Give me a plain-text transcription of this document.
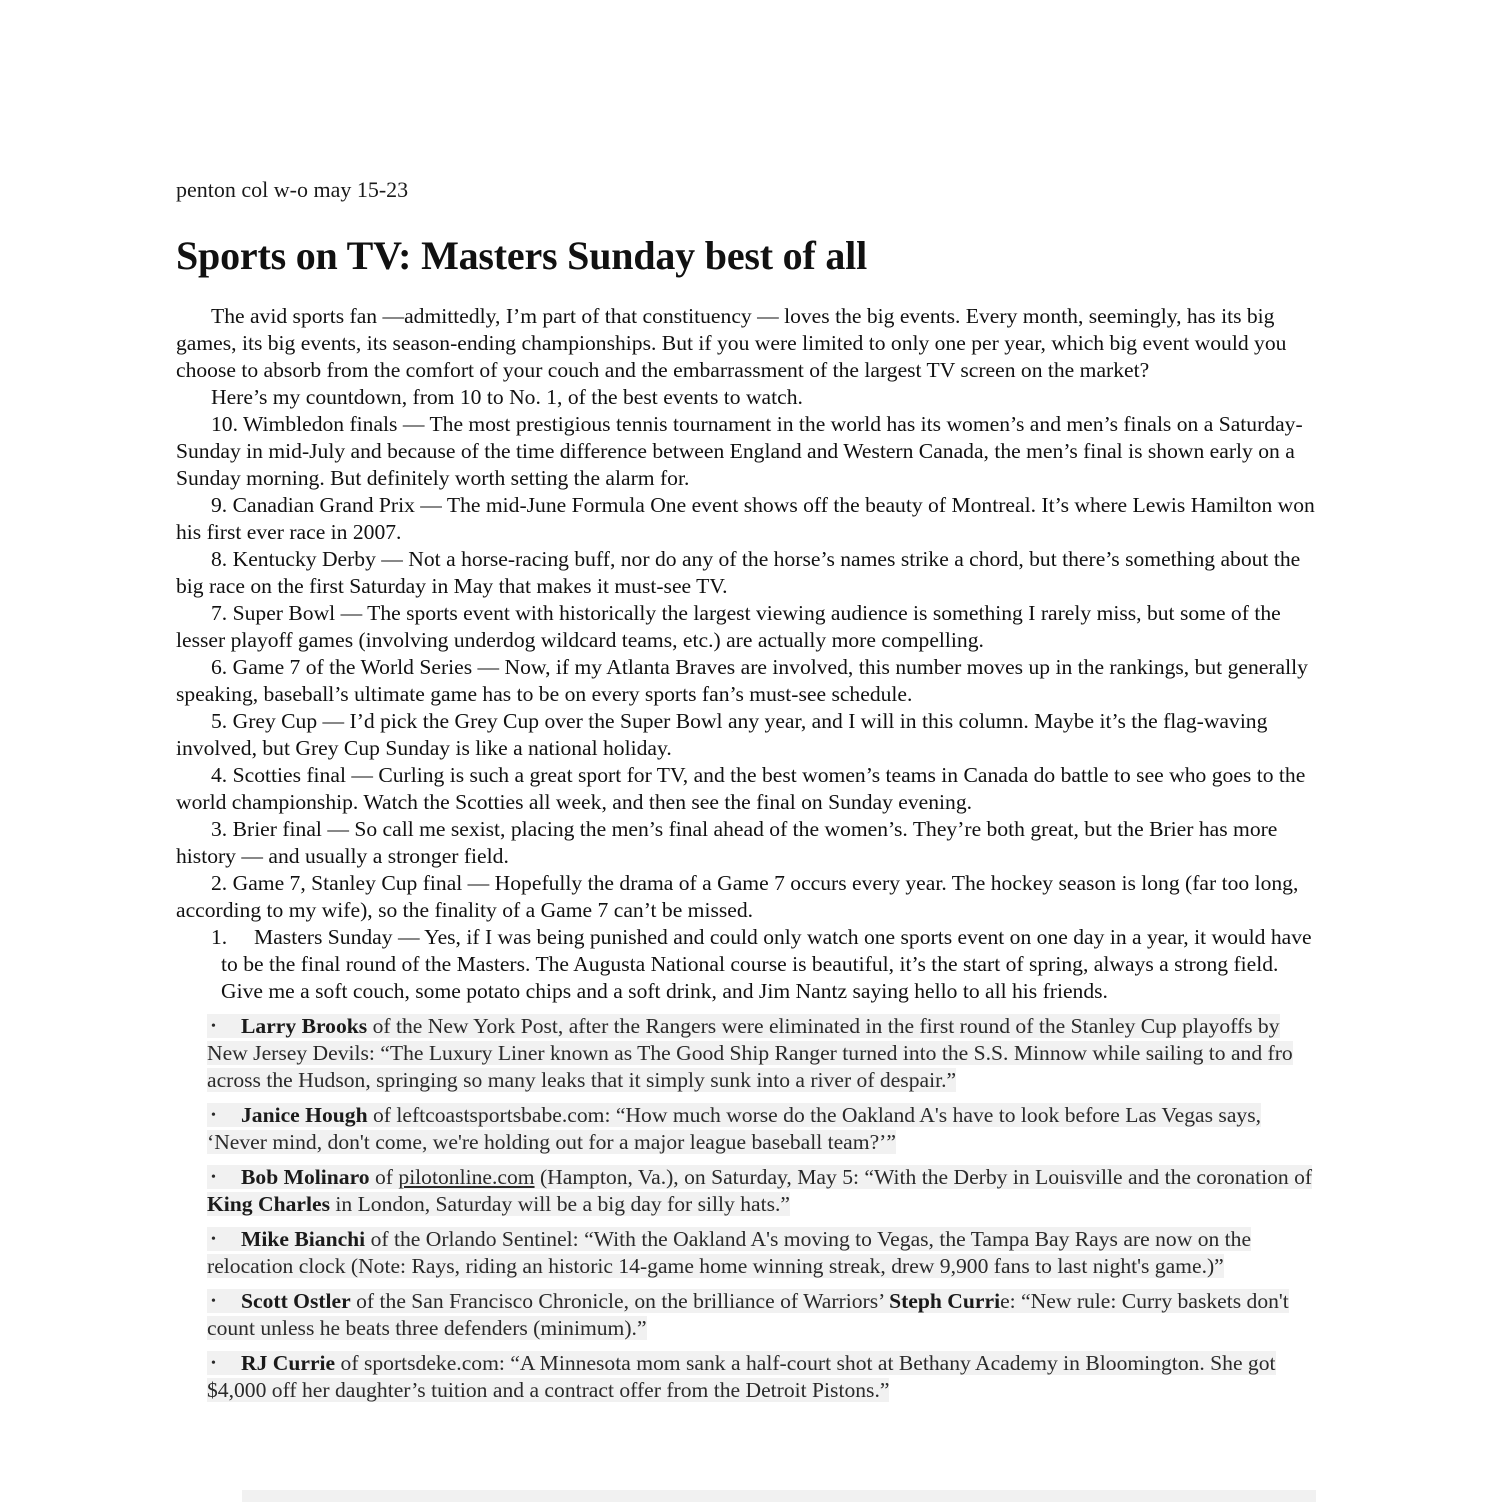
penton col w-o may 15-23

Sports on TV: Masters Sunday best of all

The avid sports fan —admittedly, I’m part of that constituency — loves the big events. Every month, seemingly, has its big games, its big events, its season-ending championships. But if you were limited to only one per year, which big event would you choose to absorb from the comfort of your couch and the embarrassment of the largest TV screen on the market?

Here’s my countdown, from 10 to No. 1, of the best events to watch.

10. Wimbledon finals — The most prestigious tennis tournament in the world has its women’s and men’s finals on a Saturday-Sunday in mid-July and because of the time difference between England and Western Canada, the men’s final is shown early on a Sunday morning. But definitely worth setting the alarm for.

9. Canadian Grand Prix — The mid-June Formula One event shows off the beauty of Montreal. It’s where Lewis Hamilton won his first ever race in 2007.

8. Kentucky Derby — Not a horse-racing buff, nor do any of the horse’s names strike a chord, but there’s something about the big race on the first Saturday in May that makes it must-see TV.

7. Super Bowl — The sports event with historically the largest viewing audience is something I rarely miss, but some of the lesser playoff games (involving underdog wildcard teams, etc.) are actually more compelling.

6. Game 7 of the World Series — Now, if my Atlanta Braves are involved, this number moves up in the rankings, but generally speaking, baseball’s ultimate game has to be on every sports fan’s must-see schedule.

5. Grey Cup — I’d pick the Grey Cup over the Super Bowl any year, and I will in this column. Maybe it’s the flag-waving involved, but Grey Cup Sunday is like a national holiday.

4. Scotties final — Curling is such a great sport for TV, and the best women’s teams in Canada do battle to see who goes to the world championship. Watch the Scotties all week, and then see the final on Sunday evening.

3. Brier final — So call me sexist, placing the men’s final ahead of the women’s. They’re both great, but the Brier has more history — and usually a stronger field.

2. Game 7, Stanley Cup final — Hopefully the drama of a Game 7 occurs every year. The hockey season is long (far too long, according to my wife), so the finality of a Game 7 can’t be missed.

1. Masters Sunday — Yes, if I was being punished and could only watch one sports event on one day in a year, it would have to be the final round of the Masters. The Augusta National course is beautiful, it’s the start of spring, always a strong field. Give me a soft couch, some potato chips and a soft drink, and Jim Nantz saying hello to all his friends.

• Larry Brooks of the New York Post, after the Rangers were eliminated in the first round of the Stanley Cup playoffs by New Jersey Devils: “The Luxury Liner known as The Good Ship Ranger turned into the S.S. Minnow while sailing to and fro across the Hudson, springing so many leaks that it simply sunk into a river of despair.”
• Janice Hough of leftcoastsportsbabe.com: “How much worse do the Oakland A's have to look before Las Vegas says, ‘Never mind, don't come, we're holding out for a major league baseball team?’”
• Bob Molinaro of pilotonline.com (Hampton, Va.), on Saturday, May 5: “With the Derby in Louisville and the coronation of King Charles in London, Saturday will be a big day for silly hats.”
• Mike Bianchi of the Orlando Sentinel: “With the Oakland A's moving to Vegas, the Tampa Bay Rays are now on the relocation clock (Note: Rays, riding an historic 14-game home winning streak, drew 9,900 fans to last night's game.)”
• Scott Ostler of the San Francisco Chronicle, on the brilliance of Warriors’ Steph Currie: “New rule: Curry baskets don't count unless he beats three defenders (minimum).”
• RJ Currie of sportsdeke.com: “A Minnesota mom sank a half-court shot at Bethany Academy in Bloomington. She got $4,000 off her daughter’s tuition and a contract offer from the Detroit Pistons.”
